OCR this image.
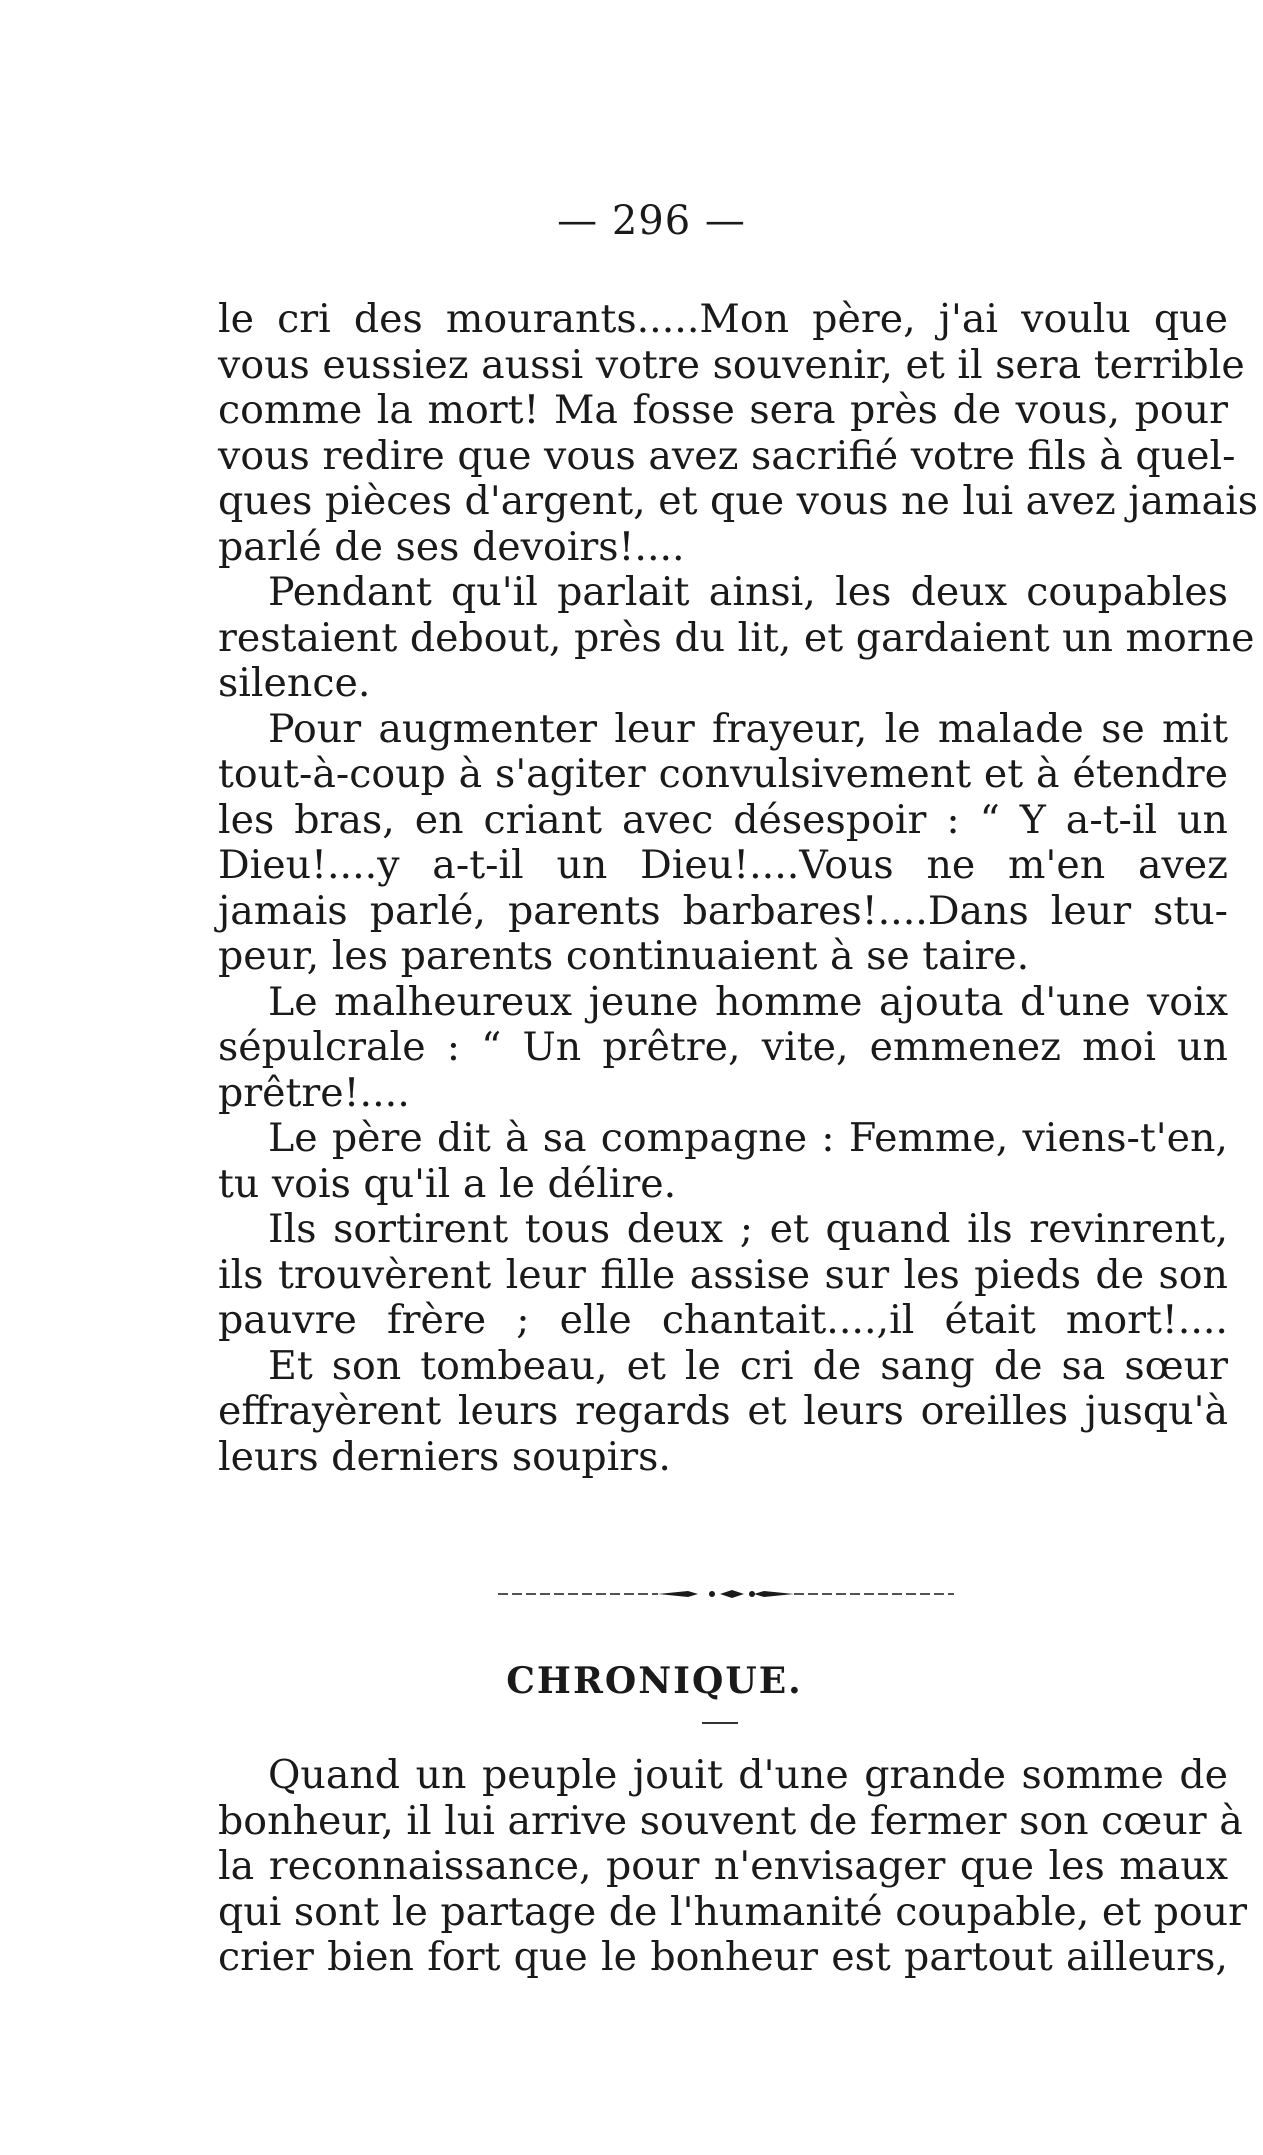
— 296 —
le cri des mourants.....Mon père, j'ai voulu que
vous eussiez aussi votre souvenir, et il sera terrible
comme la mort! Ma fosse sera près de vous, pour
vous redire que vous avez sacrifié votre fils à quel-
ques pièces d'argent, et que vous ne lui avez jamais
parlé de ses devoirs!....
Pendant qu'il parlait ainsi, les deux coupables
restaient debout, près du lit, et gardaient un morne
silence.
Pour augmenter leur frayeur, le malade se mit
tout-à-coup à s'agiter convulsivement et à étendre
les bras, en criant avec désespoir : “ Y a-t-il un
Dieu!....y a-t-il un Dieu!....Vous ne m'en avez
jamais parlé, parents barbares!....Dans leur stu-
peur, les parents continuaient à se taire.
Le malheureux jeune homme ajouta d'une voix
sépulcrale : “ Un prêtre, vite, emmenez moi un
prêtre!....
Le père dit à sa compagne : Femme, viens-t'en,
tu vois qu'il a le délire.
Ils sortirent tous deux ; et quand ils revinrent,
ils trouvèrent leur fille assise sur les pieds de son
pauvre frère ; elle chantait....,il était mort!....
Et son tombeau, et le cri de sang de sa sœur
effrayèrent leurs regards et leurs oreilles jusqu'à
leurs derniers soupirs.
CHRONIQUE.
Quand un peuple jouit d'une grande somme de
bonheur, il lui arrive souvent de fermer son cœur à
la reconnaissance, pour n'envisager que les maux
qui sont le partage de l'humanité coupable, et pour
crier bien fort que le bonheur est partout ailleurs,
